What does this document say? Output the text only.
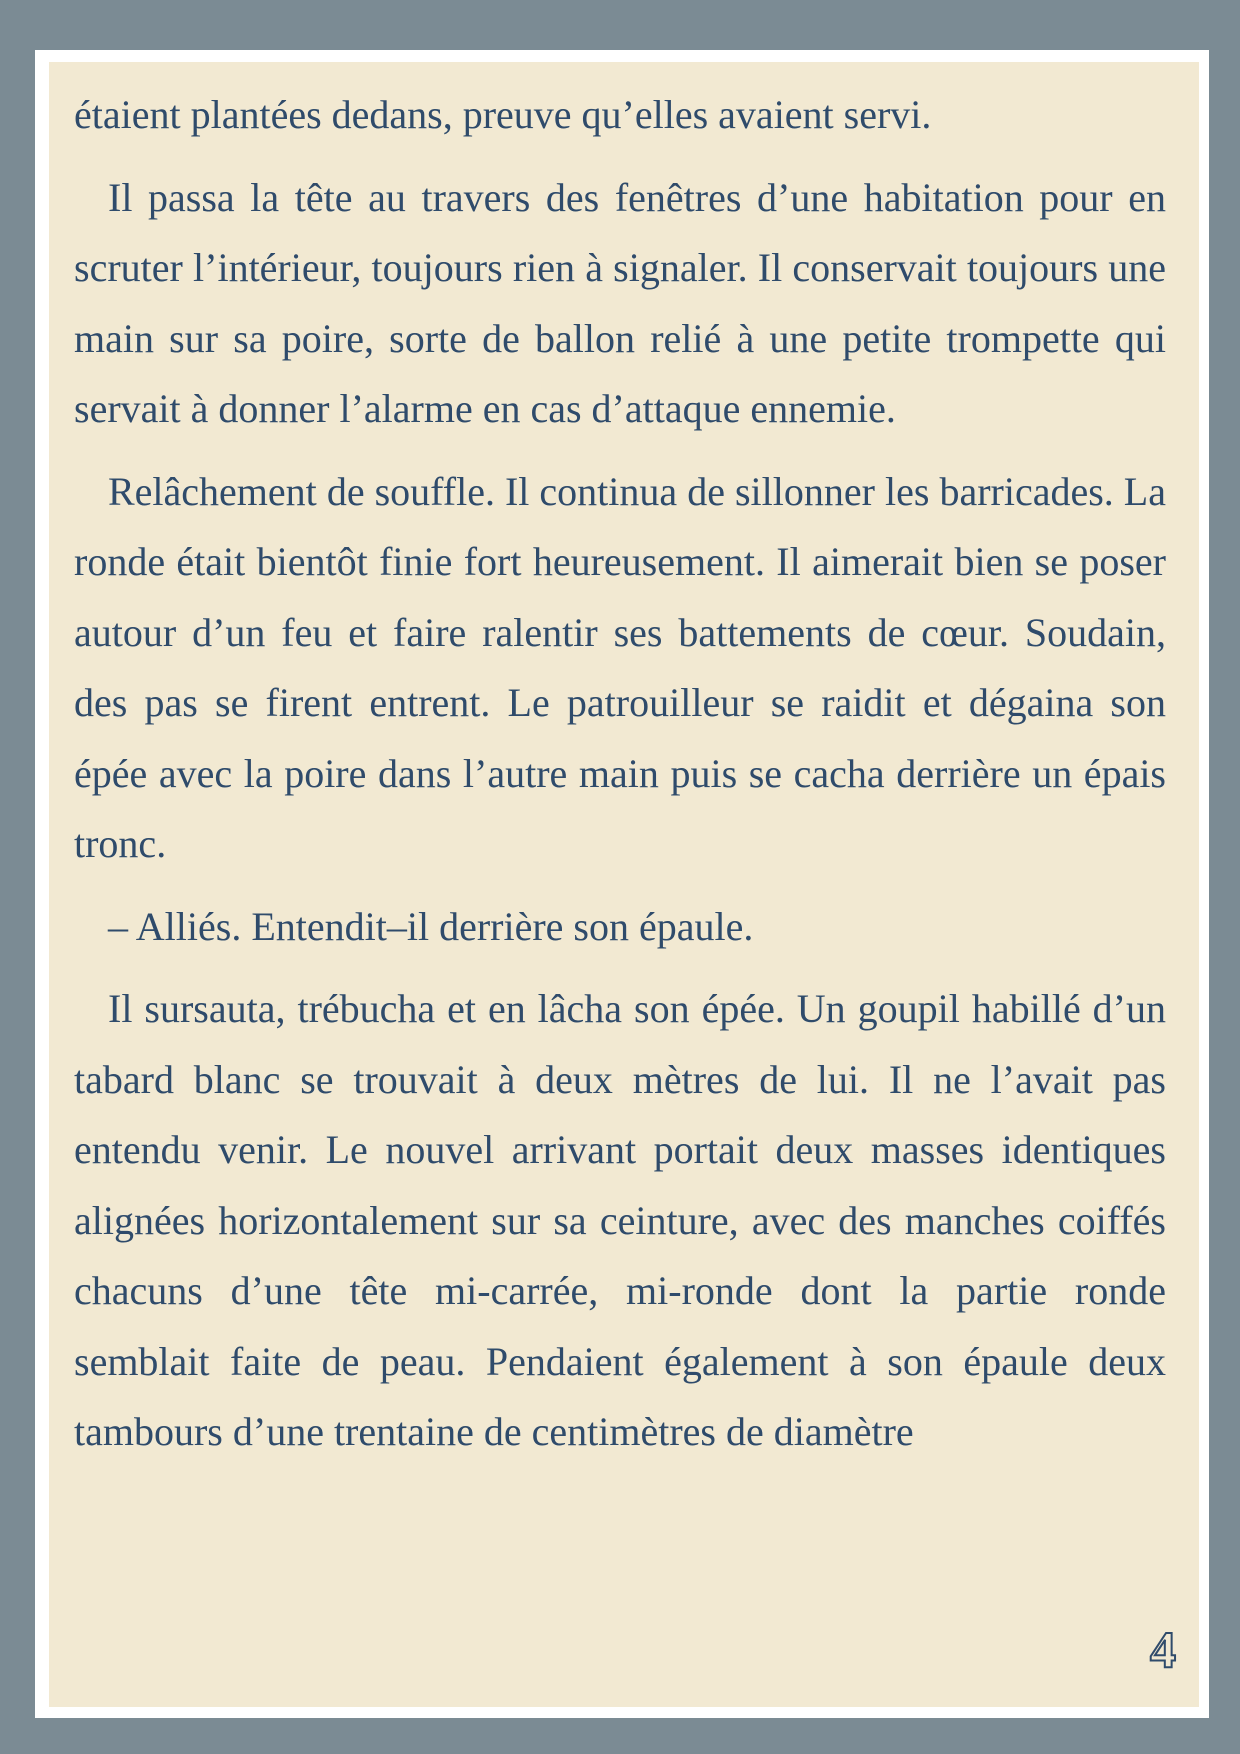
étaient plantées dedans, preuve qu’elles avaient servi.

Il passa la tête au travers des fenêtres d’une habitation pour en scruter l’intérieur, toujours rien à signaler. Il conservait toujours une main sur sa poire, sorte de ballon relié à une petite trompette qui servait à donner l’alarme en cas d’attaque ennemie.

Relâchement de souffle. Il continua de sillonner les barricades. La ronde était bientôt finie fort heureusement. Il aimerait bien se poser autour d’un feu et faire ralentir ses battements de cœur. Soudain, des pas se firent entrent. Le patrouilleur se raidit et dégaina son épée avec la poire dans l’autre main puis se cacha derrière un épais tronc.

– Alliés. Entendit–il derrière son épaule.

Il sursauta, trébucha et en lâcha son épée. Un goupil habillé d’un tabard blanc se trouvait à deux mètres de lui. Il ne l’avait pas entendu venir. Le nouvel arrivant portait deux masses identiques alignées horizontalement sur sa ceinture, avec des manches coiffés chacuns d’une tête mi-carrée, mi-ronde dont la partie ronde semblait faite de peau. Pendaient également à son épaule deux tambours d’une trentaine de centimètres de diamètre

4
